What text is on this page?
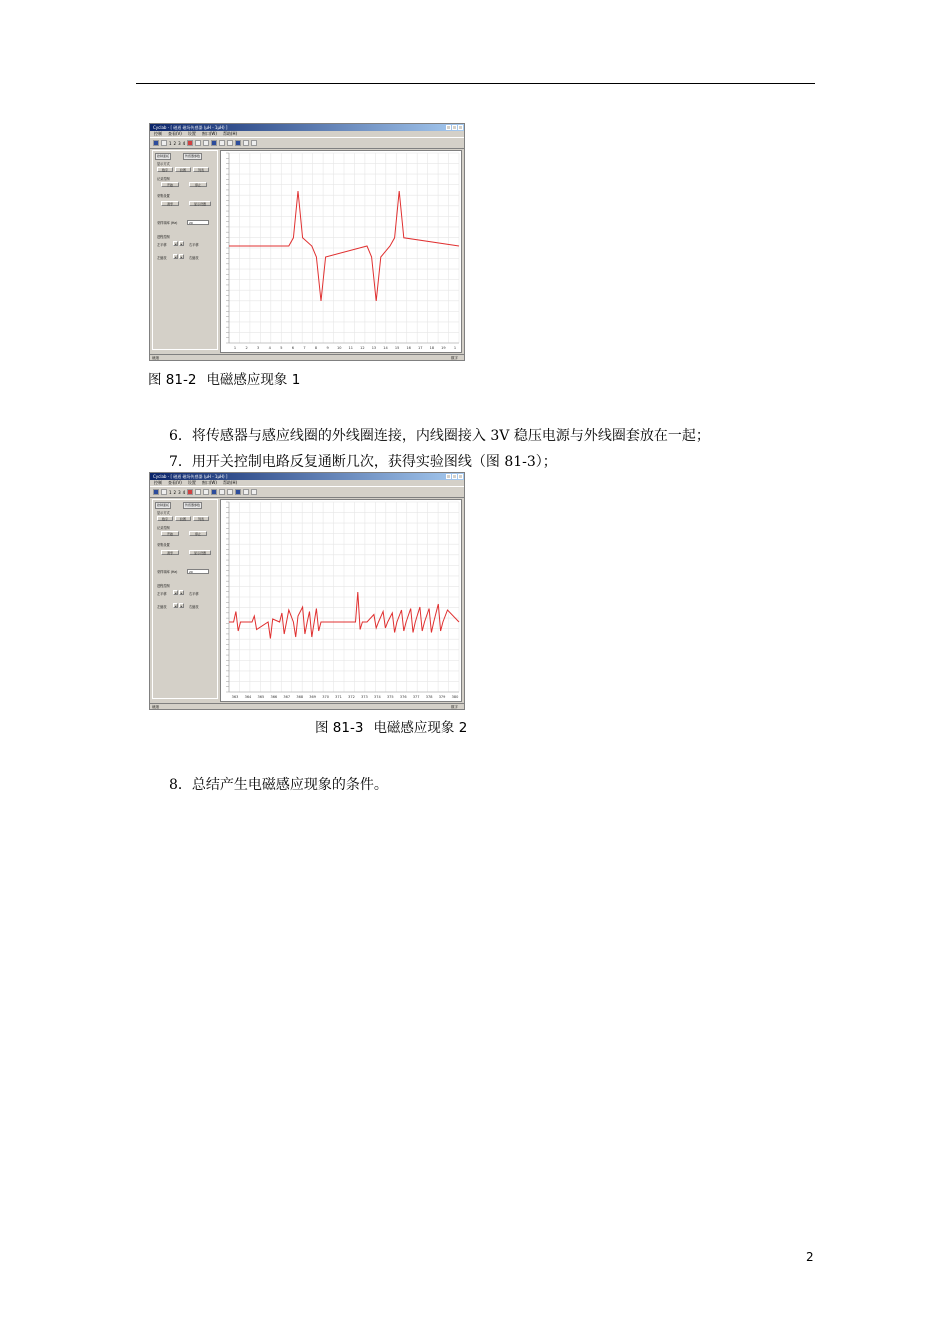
Cyclab - [ 磁通 磁场传感器 (μH - 1μH) ]
控制 查看(V) 设置 窗口(W) 帮助(H)
1 2 3 4
控制面板	传感器参数
显示方式
数字	拉图	列表
记录控制
开始	停止
采集设置
清零	显示设置
采样频率 (Hz)	20
进程控制
左平移	◂	▸	右平移
左缩放	◂	▸	右缩放
1	2	3	4	5	6	7	8	9 10 11 12 13 14 15 16 17 18 19 1
就绪	数字
图 81-2 电磁感应现象 1
6．将传感器与感应线圈的外线圈连接，内线圈接入 3V 稳压电源与外线圈套放在一起；
7．用开关控制电路反复通断几次，获得实验图线（图 81-3）；
Cyclab - [ 磁通 磁场传感器 (μH - 1μH) ]
控制 查看(V) 设置 窗口(W) 帮助(H)
1 2 3 4
控制面板	传感器参数
显示方式
数字	拉图	列表
记录控制
开始	停止
采集设置
清零	显示设置
采样频率 (Hz)	20
进程控制
左平移	◂	▸	右平移
左缩放	◂	▸	右缩放
363 364 365 366 367 368 369 370 371 372 373 374 375 376 377 378 379 380
就绪	数字
图 81-3 电磁感应现象 2
8．总结产生电磁感应现象的条件。
2
